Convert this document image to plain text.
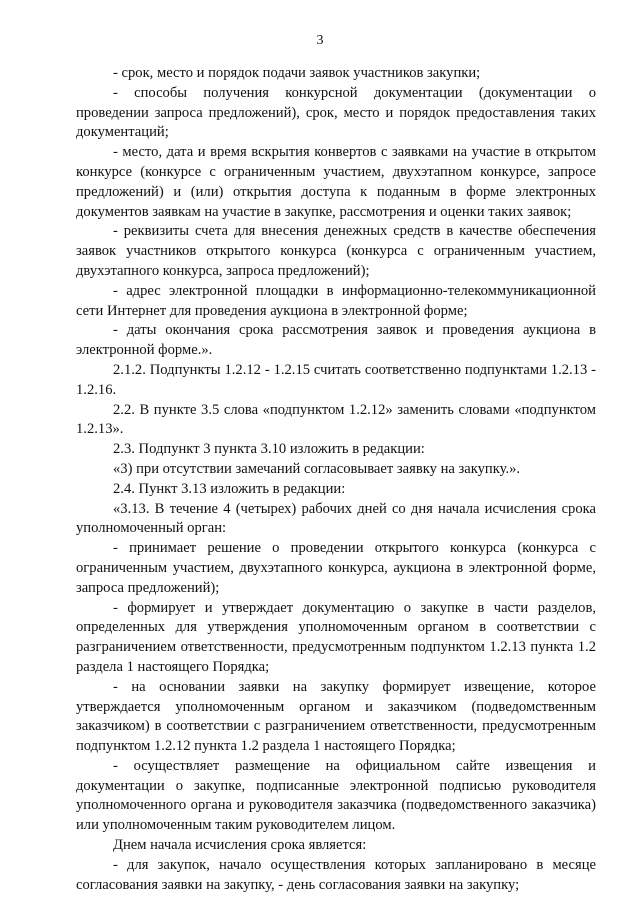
3

- срок, место и порядок подачи заявок участников закупки;

- способы получения конкурсной документации (документации о проведении запроса предложений), срок, место и порядок предоставления таких документаций;

- место, дата и время вскрытия конвертов с заявками на участие в открытом конкурсе (конкурсе с ограниченным участием, двухэтапном конкурсе, запросе предложений) и (или) открытия доступа к поданным в форме электронных документов заявкам на участие в закупке, рассмотрения и оценки таких заявок;

- реквизиты счета для внесения денежных средств в качестве обеспечения заявок участников открытого конкурса (конкурса с ограниченным участием, двухэтапного конкурса, запроса предложений);

- адрес электронной площадки в информационно-телекоммуникационной сети Интернет для проведения аукциона в электронной форме;

- даты окончания срока рассмотрения заявок и проведения аукциона в электронной форме.».

2.1.2. Подпункты 1.2.12 - 1.2.15 считать соответственно подпунктами 1.2.13 - 1.2.16.

2.2. В пункте 3.5 слова «подпунктом 1.2.12» заменить словами «подпунктом 1.2.13».

2.3. Подпункт 3 пункта 3.10 изложить в редакции:

«3) при отсутствии замечаний согласовывает заявку на закупку.».

2.4. Пункт 3.13 изложить в редакции:

«3.13. В течение 4 (четырех) рабочих дней со дня начала исчисления срока уполномоченный орган:

- принимает решение о проведении открытого конкурса (конкурса с ограниченным участием, двухэтапного конкурса, аукциона в электронной форме, запроса предложений);

- формирует и утверждает документацию о закупке в части разделов, определенных для утверждения уполномоченным органом в соответствии с разграничением ответственности, предусмотренным подпунктом 1.2.13 пункта 1.2 раздела 1 настоящего Порядка;

- на основании заявки на закупку формирует извещение, которое утверждается уполномоченным органом и заказчиком (подведомственным заказчиком) в соответствии с разграничением ответственности, предусмотренным подпунктом 1.2.12 пункта 1.2 раздела 1 настоящего Порядка;

- осуществляет размещение на официальном сайте извещения и документации о закупке, подписанные электронной подписью руководителя уполномоченного органа и руководителя заказчика (подведомственного заказчика) или уполномоченным таким руководителем лицом.

Днем начала исчисления срока является:

- для закупок, начало осуществления которых запланировано в месяце согласования заявки на закупку, - день согласования заявки на закупку;
